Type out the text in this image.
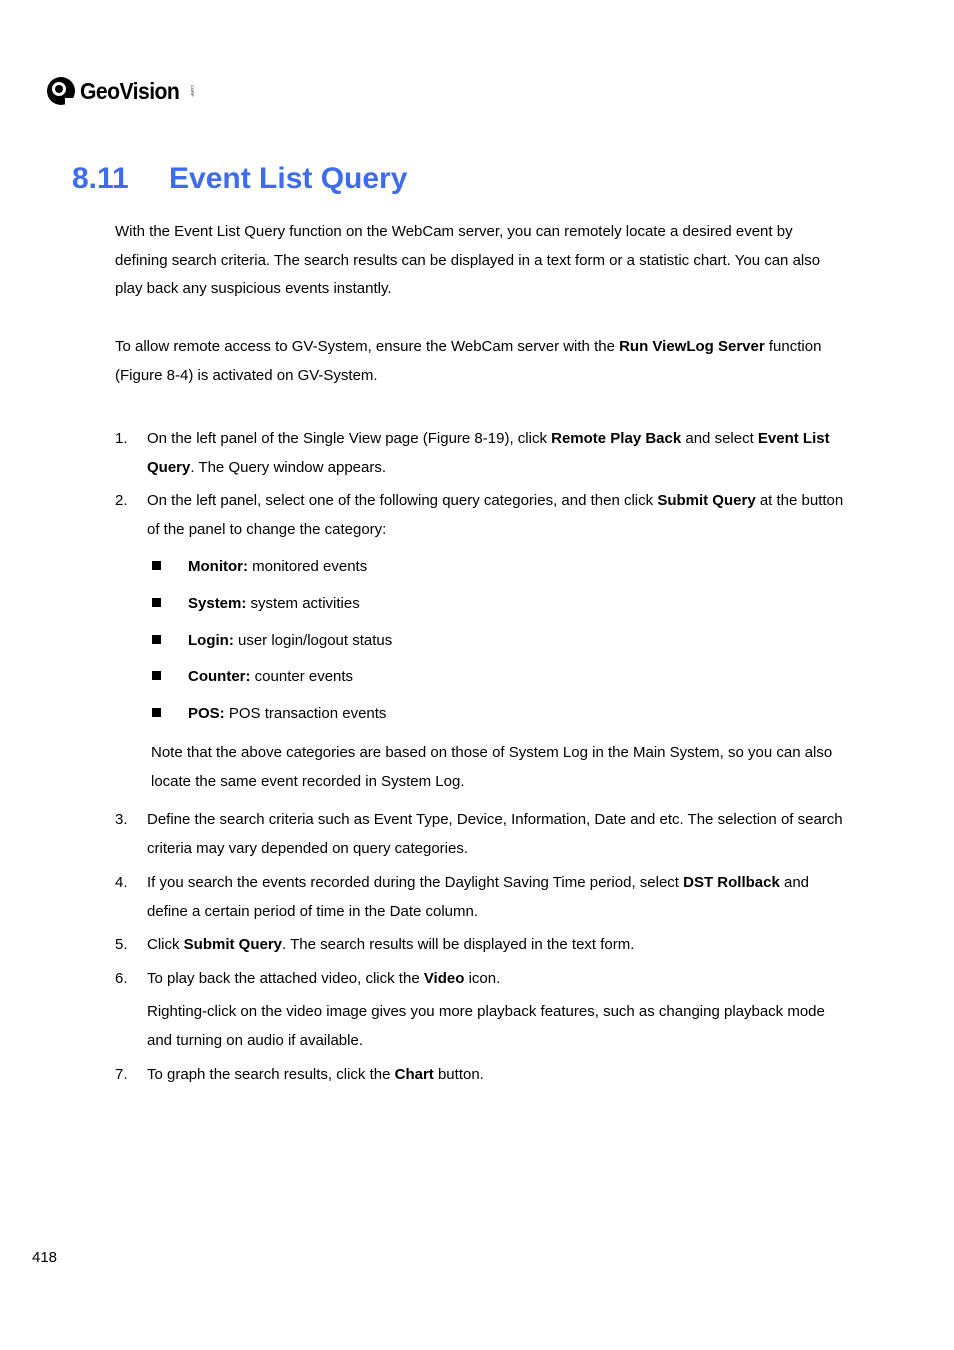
GeoVision	CORP
8.11 Event List Query

With the Event List Query function on the WebCam server, you can remotely locate a desired event by defining search criteria. The search results can be displayed in a text form or a statistic chart. You can also play back any suspicious events instantly.

To allow remote access to GV-System, ensure the WebCam server with the Run ViewLog Server function (Figure 8-4) is activated on GV-System.

1. On the left panel of the Single View page (Figure 8-19), click Remote Play Back and select Event List Query. The Query window appears.
2. On the left panel, select one of the following query categories, and then click Submit Query at the button of the panel to change the category:
Monitor: monitored events
System: system activities
Login: user login/logout status
Counter: counter events
POS: POS transaction events
Note that the above categories are based on those of System Log in the Main System, so you can also locate the same event recorded in System Log.
3. Define the search criteria such as Event Type, Device, Information, Date and etc. The selection of search criteria may vary depended on query categories.
4. If you search the events recorded during the Daylight Saving Time period, select DST Rollback and define a certain period of time in the Date column.
5. Click Submit Query. The search results will be displayed in the text form.
6. To play back the attached video, click the Video icon.
Righting-click on the video image gives you more playback features, such as changing playback mode and turning on audio if available.
7. To graph the search results, click the Chart button.
418
